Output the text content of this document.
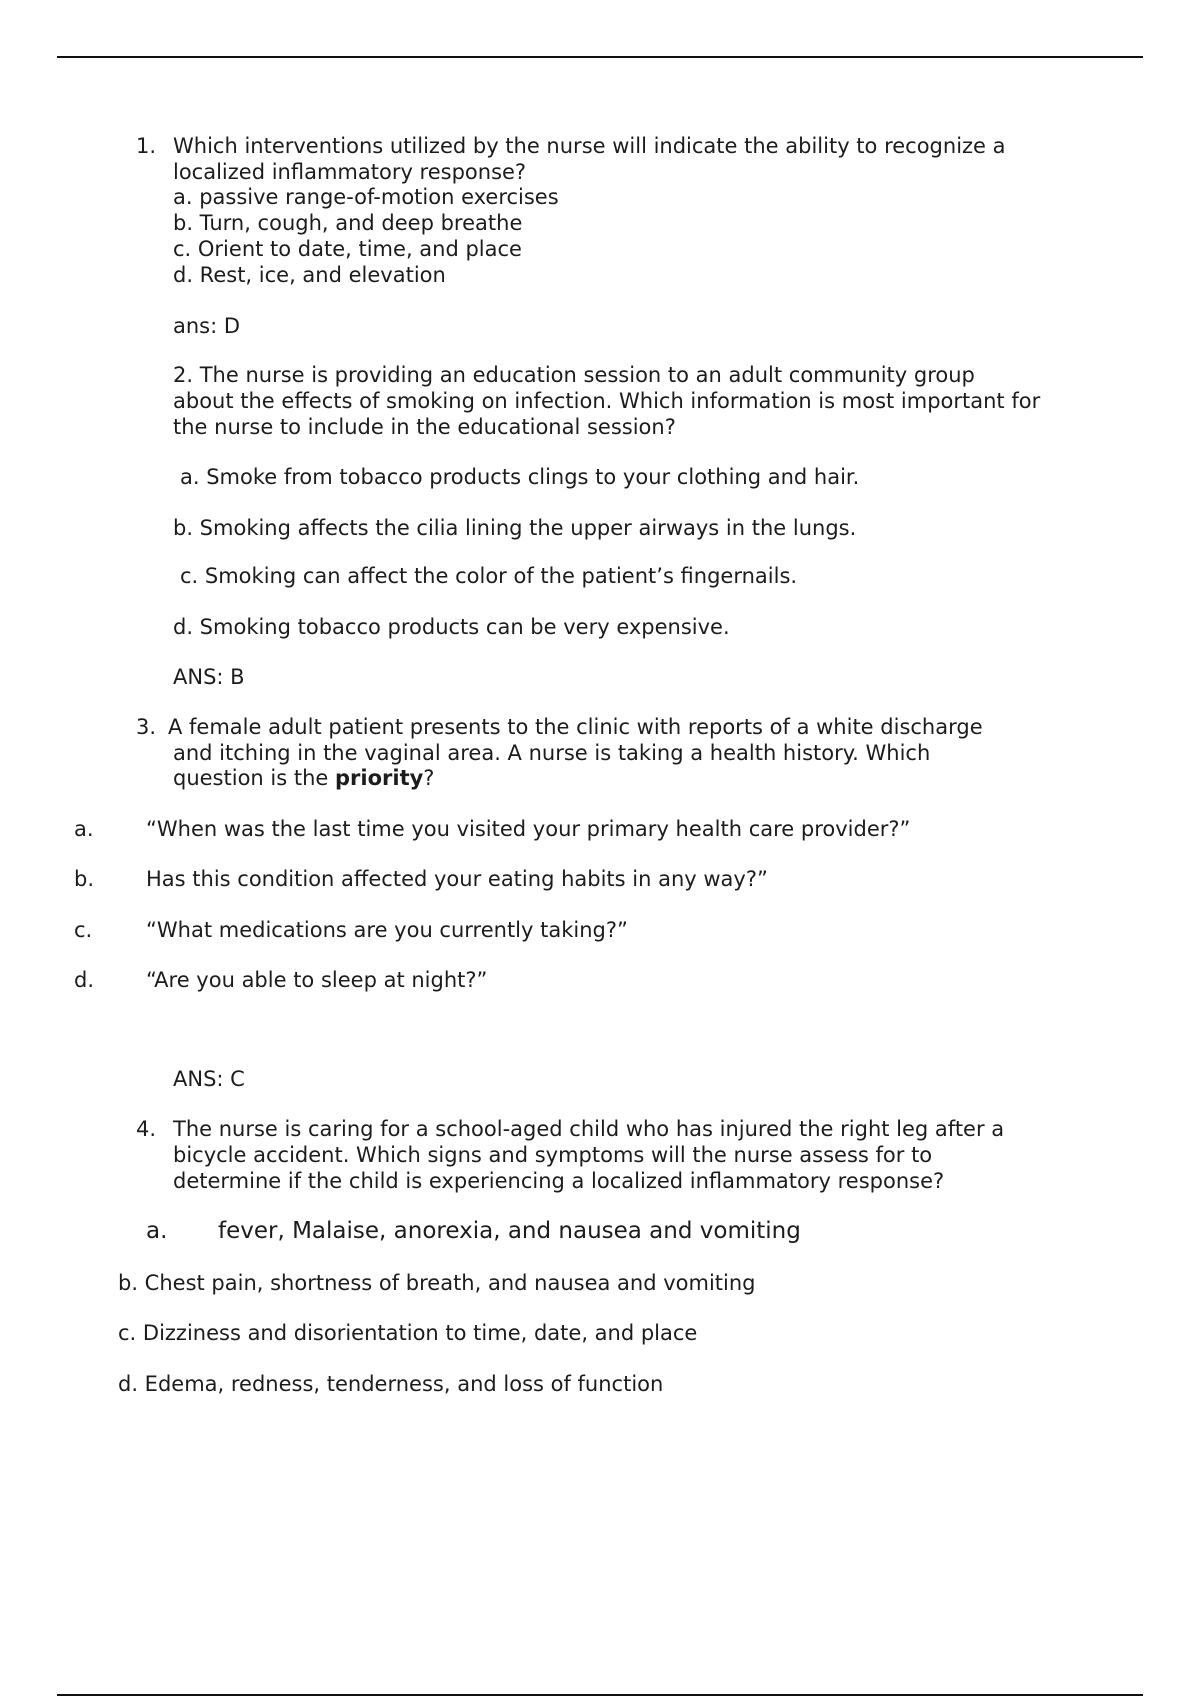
1. Which interventions utilized by the nurse will indicate the ability to recognize a
localized inflammatory response?
a. passive range-of-motion exercises
b. Turn, cough, and deep breathe
c. Orient to date, time, and place
d. Rest, ice, and elevation
ans: D
2. The nurse is providing an education session to an adult community group
about the effects of smoking on infection. Which information is most important for
the nurse to include in the educational session?
a. Smoke from tobacco products clings to your clothing and hair.
b. Smoking affects the cilia lining the upper airways in the lungs.
c. Smoking can affect the color of the patient’s fingernails.
d. Smoking tobacco products can be very expensive.
ANS: B
3. A female adult patient presents to the clinic with reports of a white discharge
and itching in the vaginal area. A nurse is taking a health history. Which
question is the priority?
a. “When was the last time you visited your primary health care provider?”
b. Has this condition affected your eating habits in any way?”
c.	“What medications are you currently taking?”
d. “Are you able to sleep at night?”
ANS: C
4. The nurse is caring for a school-aged child who has injured the right leg after a
bicycle accident. Which signs and symptoms will the nurse assess for to
determine if the child is experiencing a localized inflammatory response?
a. fever, Malaise, anorexia, and nausea and vomiting
b. Chest pain, shortness of breath, and nausea and vomiting
c. Dizziness and disorientation to time, date, and place
d. Edema, redness, tenderness, and loss of function
